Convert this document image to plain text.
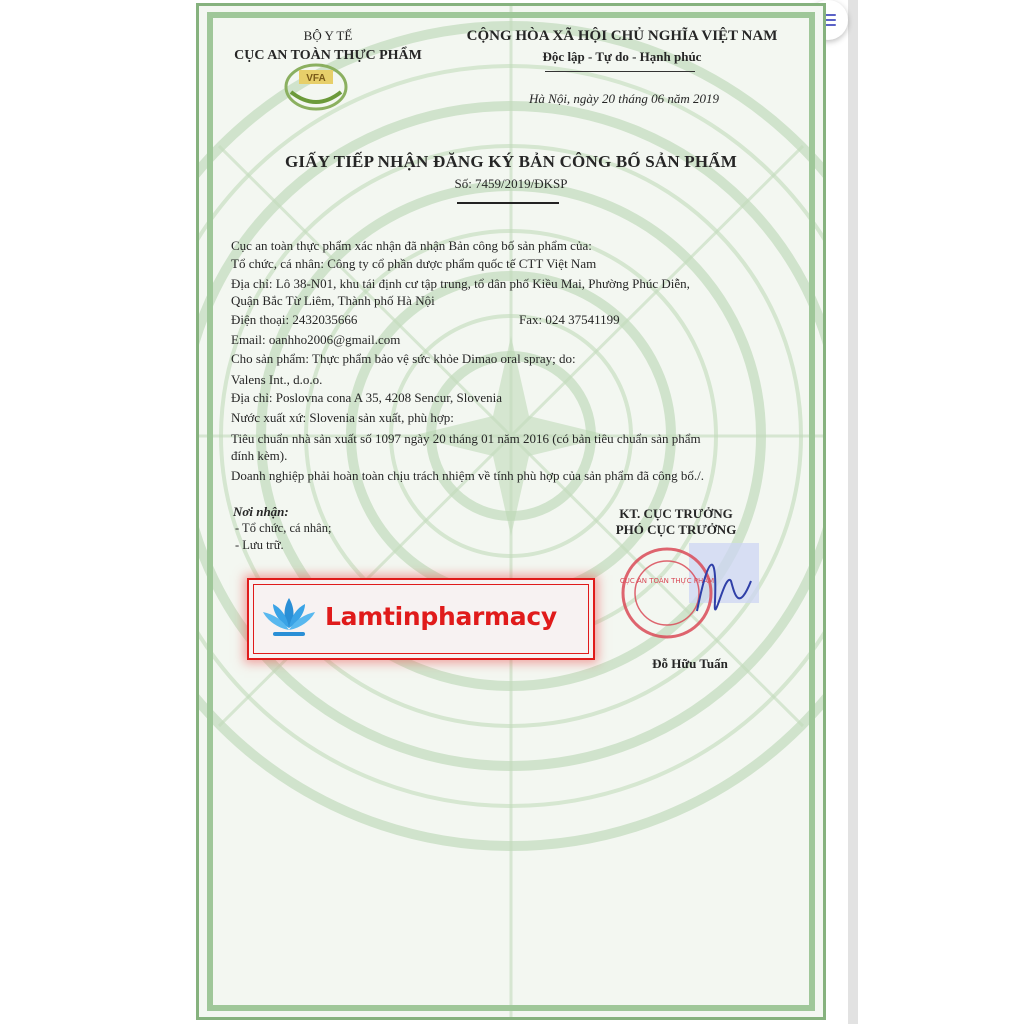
BỘ Y TẾ
CỤC AN TOÀN THỰC PHẨM
VFA
CỘNG HÒA XÃ HỘI CHỦ NGHĨA VIỆT NAM
Độc lập - Tự do - Hạnh phúc
Hà Nội, ngày 20 tháng 06 năm 2019
GIẤY TIẾP NHẬN ĐĂNG KÝ BẢN CÔNG BỐ SẢN PHẨM
Số: 7459/2019/ĐKSP
Cục an toàn thực phẩm xác nhận đã nhận Bản công bố sản phẩm của:
Tổ chức, cá nhân: Công ty cổ phần dược phẩm quốc tế CTT Việt Nam
Địa chỉ: Lô 38-N01, khu tái định cư tập trung, tổ dân phố Kiều Mai, Phường Phúc Diễn,
Quận Bắc Từ Liêm, Thành phố Hà Nội
Điện thoại: 2432035666	Fax: 024 37541199
Email: oanhho2006@gmail.com
Cho sản phẩm: Thực phẩm bảo vệ sức khỏe Dimao oral spray; do:
Valens Int., d.o.o.
Địa chỉ: Poslovna cona A 35, 4208 Sencur, Slovenia
Nước xuất xứ: Slovenia sản xuất, phù hợp:
Tiêu chuẩn nhà sản xuất số 1097 ngày 20 tháng 01 năm 2016 (có bản tiêu chuẩn sản phẩm
đính kèm).
Doanh nghiệp phải hoàn toàn chịu trách nhiệm về tính phù hợp của sản phẩm đã công bố./.
Nơi nhận:
- Tổ chức, cá nhân;
- Lưu trữ.
KT. CỤC TRƯỞNG
PHÓ CỤC TRƯỞNG
CỤC AN TOÀN THỰC PHẨM
Đỗ Hữu Tuấn
Lamtinpharmacy
